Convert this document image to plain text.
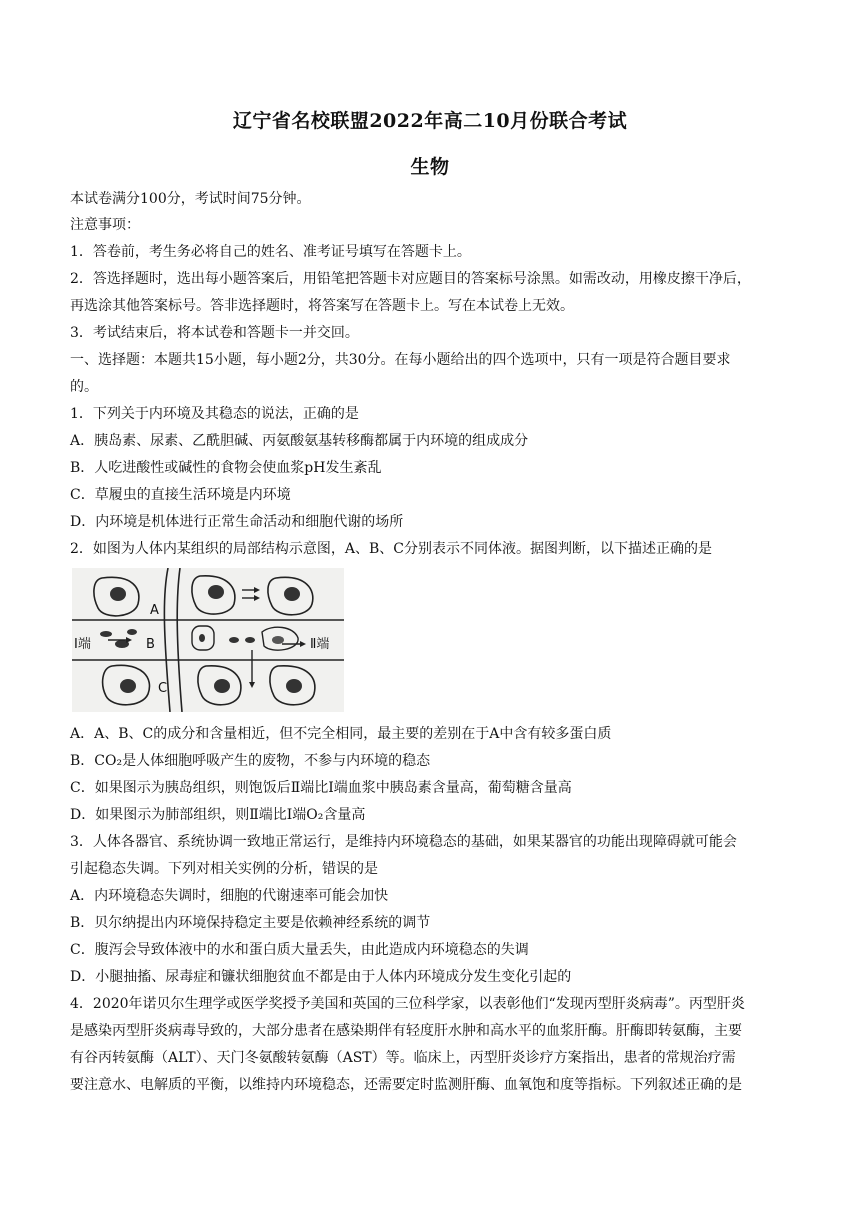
辽宁省名校联盟2022年高二10月份联合考试
生物
本试卷满分100分，考试时间75分钟。
注意事项：
1．答卷前，考生务必将自己的姓名、准考证号填写在答题卡上。
2．答选择题时，选出每小题答案后，用铅笔把答题卡对应题目的答案标号涂黑。如需改动，用橡皮擦干净后，
再选涂其他答案标号。答非选择题时，将答案写在答题卡上。写在本试卷上无效。
3．考试结束后，将本试卷和答题卡一并交回。
一、选择题：本题共15小题，每小题2分，共30分。在每小题给出的四个选项中，只有一项是符合题目要求
的。
1．下列关于内环境及其稳态的说法，正确的是
A．胰岛素、尿素、乙酰胆碱、丙氨酸氨基转移酶都属于内环境的组成成分
B．人吃进酸性或碱性的食物会使血浆pH发生紊乱
C．草履虫的直接生活环境是内环境
D．内环境是机体进行正常生命活动和细胞代谢的场所
2．如图为人体内某组织的局部结构示意图，A、B、C分别表示不同体液。据图判断，以下描述正确的是
A
B
C
I端	Ⅱ端
A．A、B、C的成分和含量相近，但不完全相同，最主要的差别在于A中含有较多蛋白质
B．CO₂是人体细胞呼吸产生的废物，不参与内环境的稳态
C．如果图示为胰岛组织，则饱饭后Ⅱ端比I端血浆中胰岛素含量高，葡萄糖含量高
D．如果图示为肺部组织，则Ⅱ端比I端O₂含量高
3．人体各器官、系统协调一致地正常运行，是维持内环境稳态的基础，如果某器官的功能出现障碍就可能会
引起稳态失调。下列对相关实例的分析，错误的是
A．内环境稳态失调时，细胞的代谢速率可能会加快
B．贝尔纳提出内环境保持稳定主要是依赖神经系统的调节
C．腹泻会导致体液中的水和蛋白质大量丢失，由此造成内环境稳态的失调
D．小腿抽搐、尿毒症和镰状细胞贫血不都是由于人体内环境成分发生变化引起的
4．2020年诺贝尔生理学或医学奖授予美国和英国的三位科学家，以表彰他们“发现丙型肝炎病毒”。丙型肝炎
是感染丙型肝炎病毒导致的，大部分患者在感染期伴有轻度肝水肿和高水平的血浆肝酶。肝酶即转氨酶，主要
有谷丙转氨酶（ALT）、天门冬氨酸转氨酶（AST）等。临床上，丙型肝炎诊疗方案指出，患者的常规治疗需
要注意水、电解质的平衡，以维持内环境稳态，还需要定时监测肝酶、血氧饱和度等指标。下列叙述正确的是
